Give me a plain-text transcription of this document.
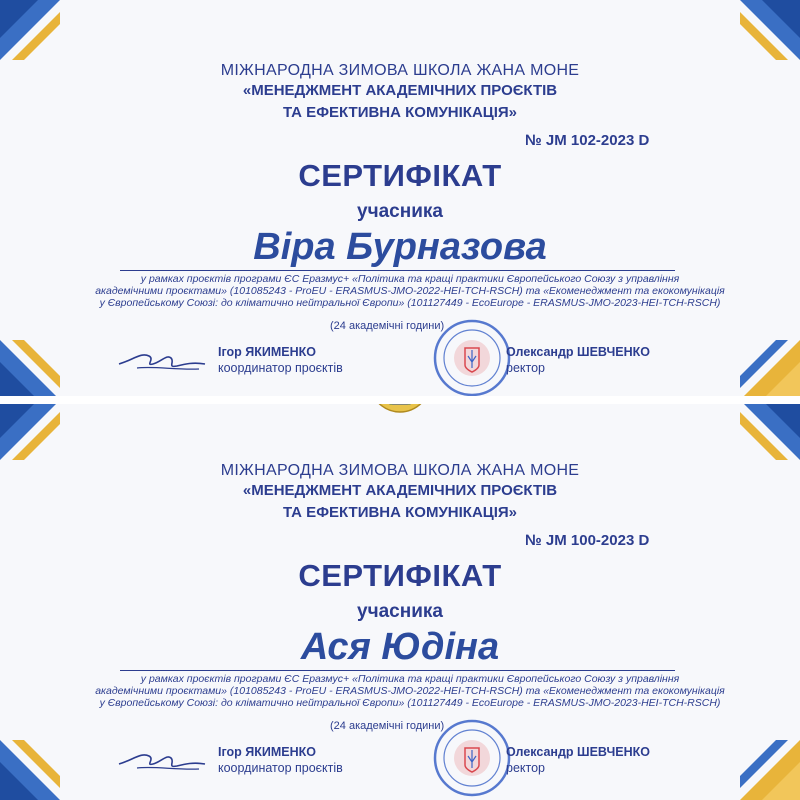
МІЖНАРОДНА ЗИМОВА ШКОЛА ЖАНА МОНЕ
«МЕНЕДЖМЕНТ АКАДЕМІЧНИХ ПРОЄКТІВ
ТА ЕФЕКТИВНА КОМУНІКАЦІЯ»
№ JM 102-2023 D
СЕРТИФІКАТ
учасника
Віра Бурназова
у рамках проєктів програми ЄС Еразмус+ «Політика та кращі практики Європейського Союзу з управління
академічними проєктами» (101085243 - ProEU - ERASMUS-JMO-2022-HEI-TCH-RSCH) та «Екоменеджмент та екокомунікація
у Європейському Союзі: до кліматично нейтральної Європи» (101127449 - EcoEurope - ERASMUS-JMO-2023-HEI-TCH-RSCH)
(24 академічні години)
Ігор ЯКИМЕНКО
координатор проєктів
Олександр ШЕВЧЕНКО
ректор
МІЖНАРОДНА ЗИМОВА ШКОЛА ЖАНА МОНЕ
«МЕНЕДЖМЕНТ АКАДЕМІЧНИХ ПРОЄКТІВ
ТА ЕФЕКТИВНА КОМУНІКАЦІЯ»
№ JM 100-2023 D
СЕРТИФІКАТ
учасника
Ася Юдіна
у рамках проєктів програми ЄС Еразмус+ «Політика та кращі практики Європейського Союзу з управління
академічними проєктами» (101085243 - ProEU - ERASMUS-JMO-2022-HEI-TCH-RSCH) та «Екоменеджмент та екокомунікація
у Європейському Союзі: до кліматично нейтральної Європи» (101127449 - EcoEurope - ERASMUS-JMO-2023-HEI-TCH-RSCH)
(24 академічні години)
Ігор ЯКИМЕНКО
координатор проєктів
Олександр ШЕВЧЕНКО
ректор
